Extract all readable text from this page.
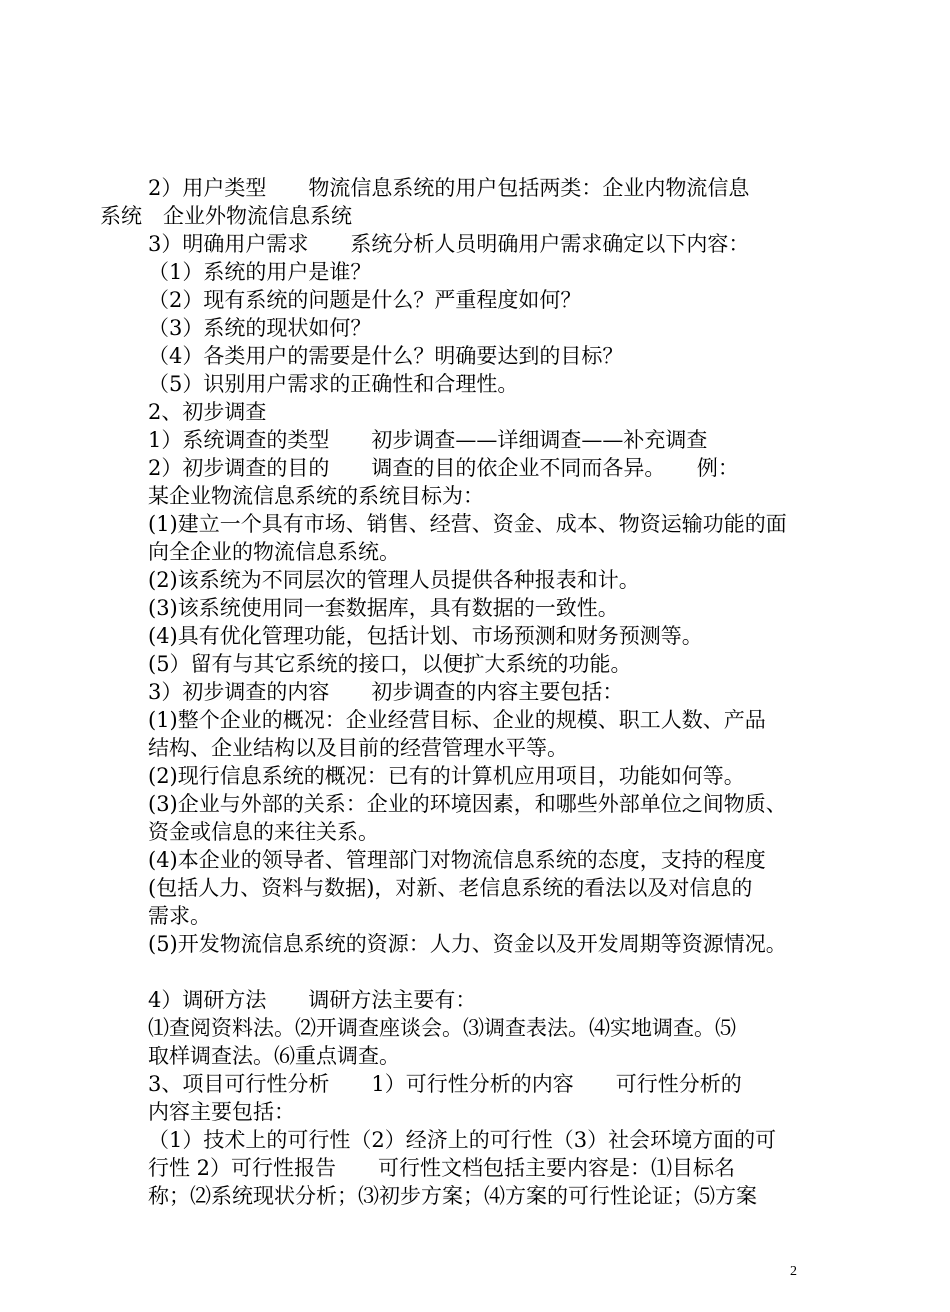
2）用户类型　　物流信息系统的用户包括两类：企业内物流信息

系统　企业外物流信息系统

3）明确用户需求　　系统分析人员明确用户需求确定以下内容：

（1）系统的用户是谁？

（2）现有系统的问题是什么？严重程度如何？

（3）系统的现状如何？

（4）各类用户的需要是什么？明确要达到的目标？

（5）识别用户需求的正确性和合理性。

2、初步调查

1）系统调查的类型　　初步调查——详细调查——补充调查

2）初步调查的目的　　调查的目的依企业不同而各异。　　例：

某企业物流信息系统的系统目标为：

(1)建立一个具有市场、销售、经营、资金、成本、物资运输功能的面

向全企业的物流信息系统。

(2)该系统为不同层次的管理人员提供各种报表和计。

(3)该系统使用同一套数据库，具有数据的一致性。

(4)具有优化管理功能，包括计划、市场预测和财务预测等。

(5）留有与其它系统的接口，以便扩大系统的功能。

3）初步调查的内容　　初步调查的内容主要包括：

(1)整个企业的概况：企业经营目标、企业的规模、职工人数、产品

结构、企业结构以及目前的经营管理水平等。

(2)现行信息系统的概况：已有的计算机应用项目，功能如何等。

(3)企业与外部的关系：企业的环境因素，和哪些外部单位之间物质、

资金或信息的来往关系。

(4)本企业的领导者、管理部门对物流信息系统的态度，支持的程度

(包括人力、资料与数据)，对新、老信息系统的看法以及对信息的

需求。

(5)开发物流信息系统的资源：人力、资金以及开发周期等资源情况。

4）调研方法　　调研方法主要有：

⑴查阅资料法。⑵开调查座谈会。⑶调查表法。⑷实地调查。⑸

取样调查法。⑹重点调查。

3、项目可行性分析　　1）可行性分析的内容　　可行性分析的

内容主要包括：

（1）技术上的可行性（2）经济上的可行性（3）社会环境方面的可

行性 2）可行性报告　　可行性文档包括主要内容是：⑴目标名

称；⑵系统现状分析；⑶初步方案；⑷方案的可行性论证；⑸方案

2
